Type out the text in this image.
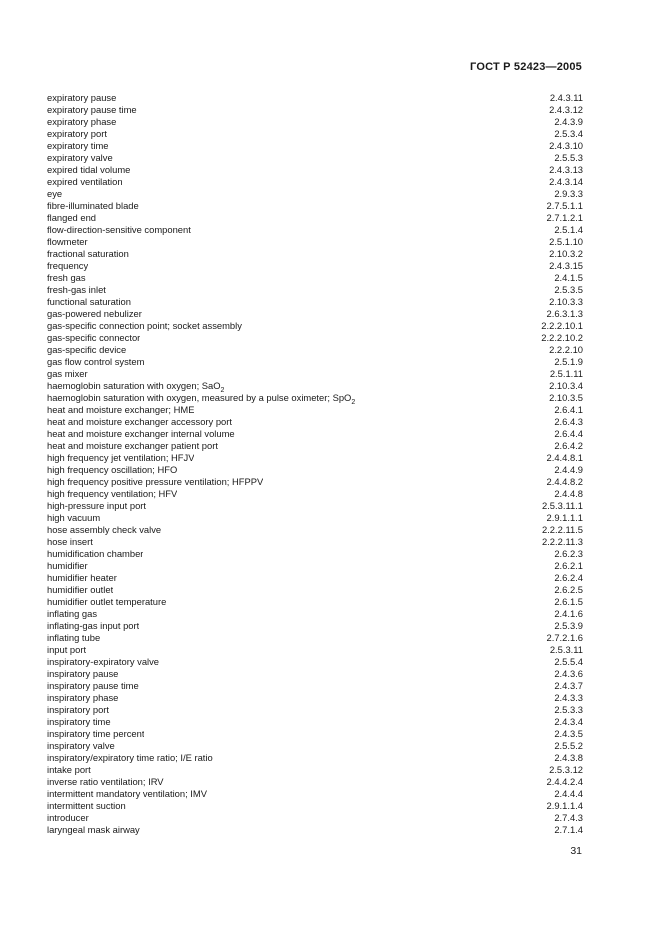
ГОСТ Р 52423—2005
expiratory pause	2.4.3.11
expiratory pause time	2.4.3.12
expiratory phase	2.4.3.9
expiratory port	2.5.3.4
expiratory time	2.4.3.10
expiratory valve	2.5.5.3
expired tidal volume	2.4.3.13
expired ventilation	2.4.3.14
eye	2.9.3.3
fibre-illuminated blade	2.7.5.1.1
flanged end	2.7.1.2.1
flow-direction-sensitive component	2.5.1.4
flowmeter	2.5.1.10
fractional saturation	2.10.3.2
frequency	2.4.3.15
fresh gas	2.4.1.5
fresh-gas inlet	2.5.3.5
functional saturation	2.10.3.3
gas-powered nebulizer	2.6.3.1.3
gas-specific connection point; socket assembly	2.2.2.10.1
gas-specific connector	2.2.2.10.2
gas-specific device	2.2.2.10
gas flow control system	2.5.1.9
gas mixer	2.5.1.11
haemoglobin saturation with oxygen; SaO$_2$	2.10.3.4
haemoglobin saturation with oxygen, measured by a pulse oximeter; SpO$_2$	2.10.3.5
heat and moisture exchanger; HME	2.6.4.1
heat and moisture exchanger accessory port	2.6.4.3
heat and moisture exchanger internal volume	2.6.4.4
heat and moisture exchanger patient port	2.6.4.2
high frequency jet ventilation; HFJV	2.4.4.8.1
high frequency oscillation; HFO	2.4.4.9
high frequency positive pressure ventilation; HFPPV	2.4.4.8.2
high frequency ventilation; HFV	2.4.4.8
high-pressure input port	2.5.3.11.1
high vacuum	2.9.1.1.1
hose assembly check valve	2.2.2.11.5
hose insert	2.2.2.11.3
humidification chamber	2.6.2.3
humidifier	2.6.2.1
humidifier heater	2.6.2.4
humidifier outlet	2.6.2.5
humidifier outlet temperature	2.6.1.5
inflating gas	2.4.1.6
inflating-gas input port	2.5.3.9
inflating tube	2.7.2.1.6
input port	2.5.3.11
inspiratory-expiratory valve	2.5.5.4
inspiratory pause	2.4.3.6
inspiratory pause time	2.4.3.7
inspiratory phase	2.4.3.3
inspiratory port	2.5.3.3
inspiratory time	2.4.3.4
inspiratory time percent	2.4.3.5
inspiratory valve	2.5.5.2
inspiratory/expiratory time ratio; I/E ratio	2.4.3.8
intake port	2.5.3.12
inverse ratio ventilation; IRV	2.4.4.2.4
intermittent mandatory ventilation; IMV	2.4.4.4
intermittent suction	2.9.1.1.4
introducer	2.7.4.3
laryngeal mask airway	2.7.1.4
31
